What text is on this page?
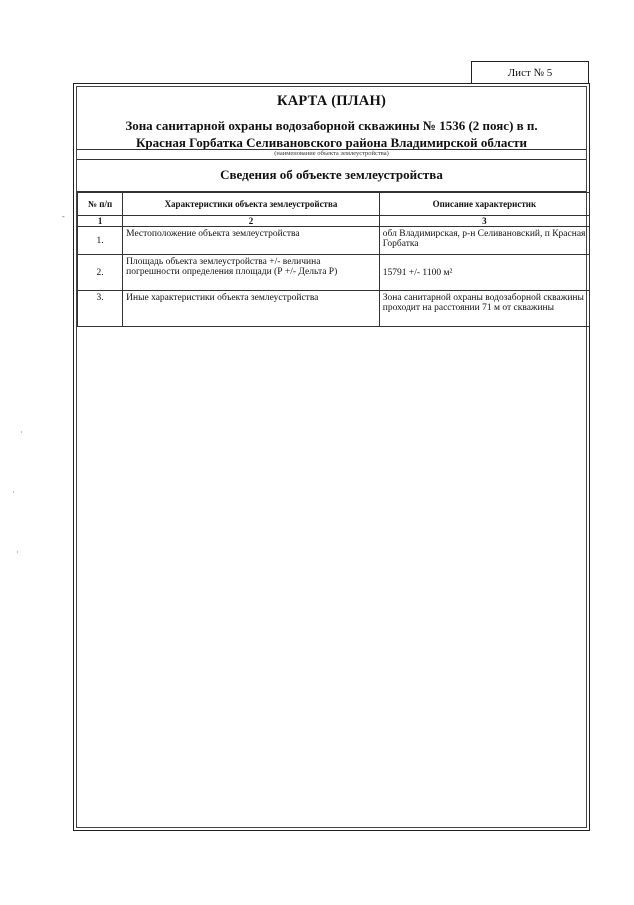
Лист № 5
КАРТА (ПЛАН)
Зона санитарной охраны водозаборной скважины № 1536 (2 пояс) в п. Красная Горбатка Селивановского района Владимирской области
(наименование объекта землеустройства)
Сведения об объекте землеустройства
№ п/п	Характеристики объекта землеустройства	Описание характеристик
1	2	3
1.	Местоположение объекта землеустройства	обл Владимирская, р-н Селивановский, п Красная Горбатка
2.	Площадь объекта землеустройства +/- величина погрешности определения площади (Р +/- Дельта Р)	15791 +/- 1100 м²
3.	Иные характеристики объекта землеустройства	Зона санитарной охраны водозаборной скважины проходит на расстоянии 71 м от скважины
-
·
·
·
